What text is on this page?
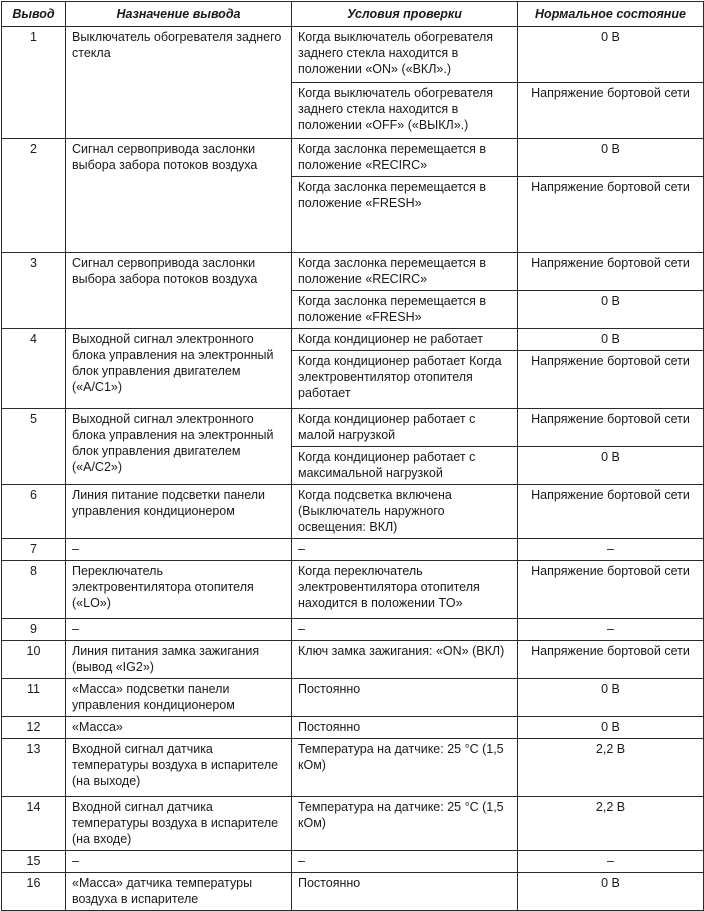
Вывод	Назначение вывода	Условия проверки	Нормальное состояние
1	Выключатель обогревателя заднего стекла	Когда выключатель обогревателя заднего стекла находится в положении «ON» («ВКЛ».)	0 В
		Когда выключатель обогревателя заднего стекла находится в положении «OFF» («ВЫКЛ».)	Напряжение бортовой сети
2	Сигнал сервопривода заслонки выбора забора потоков воздуха	Когда заслонка перемещается в положение «RECIRC»	0 В
		Когда заслонка перемещается в положение «FRESH»	Напряжение бортовой сети
3	Сигнал сервопривода заслонки выбора забора потоков воздуха	Когда заслонка перемещается в положение «RECIRC»	Напряжение бортовой сети
		Когда заслонка перемещается в положение «FRESH»	0 В
4	Выходной сигнал электронного блока управления на электронный блок управления двигателем («A/C1»)	Когда кондиционер не работает	0 В
		Когда кондиционер работает Когда электровентилятор отопителя работает	Напряжение бортовой сети
5	Выходной сигнал электронного блока управления на электронный блок управления двигателем («A/C2»)	Когда кондиционер работает с малой нагрузкой	Напряжение бортовой сети
		Когда кондиционер работает с максимальной нагрузкой	0 В
6	Линия питание подсветки панели управления кондиционером	Когда подсветка включена (Выключатель наружного освещения: ВКЛ)	Напряжение бортовой сети
7	–	–	–
8	Переключатель электровентилятора отопителя («LO»)	Когда переключатель электровентилятора отопителя находится в положении TO»	Напряжение бортовой сети
9	–	–	–
10	Линия питания замка зажигания (вывод «IG2»)	Ключ замка зажигания: «ON» (ВКЛ)	Напряжение бортовой сети
11	«Масса» подсветки панели управления кондиционером	Постоянно	0 В
12	«Масса»	Постоянно	0 В
13	Входной сигнал датчика температуры воздуха в испарителе (на выходе)	Температура на датчике: 25 °С (1,5 кОм)	2,2 В
14	Входной сигнал датчика температуры воздуха в испарителе (на входе)	Температура на датчике: 25 °С (1,5 кОм)	2,2 В
15	–	–	–
16	«Масса» датчика температуры воздуха в испарителе	Постоянно	0 В
